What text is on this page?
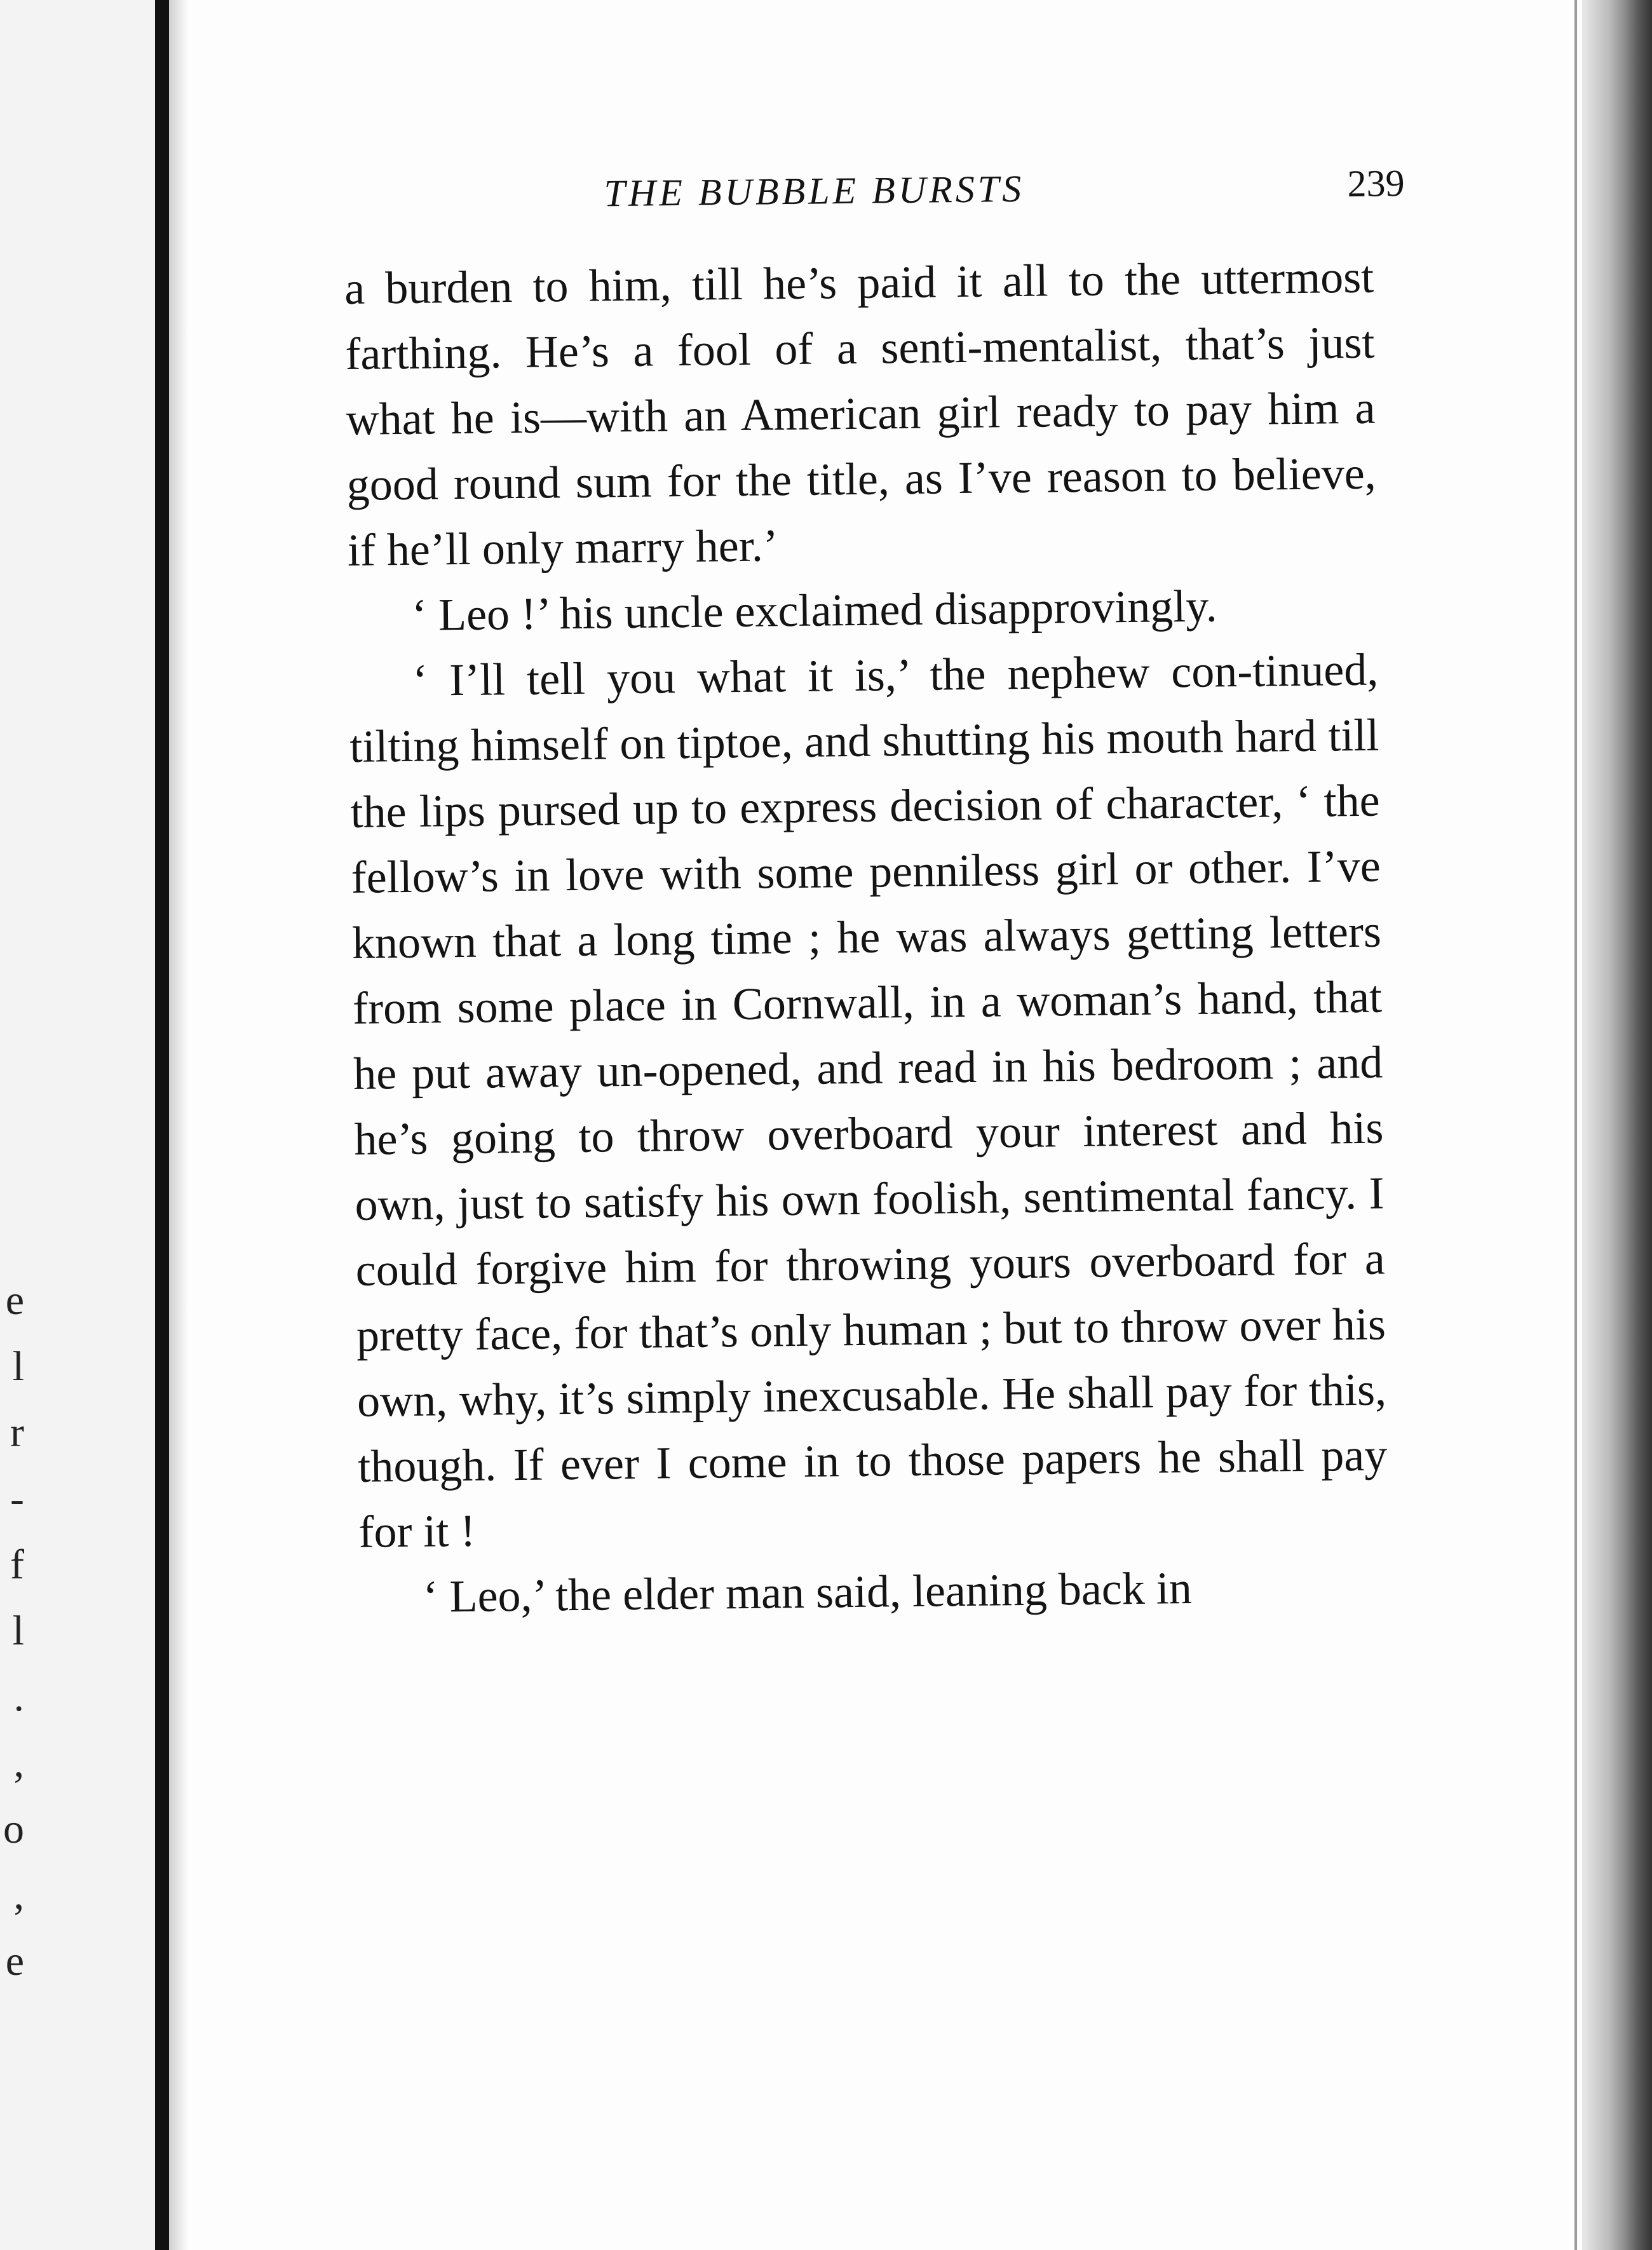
e
l
r
-
f
l
.
,
o
,
e
THE BUBBLE BURSTS	239

a burden to him, till he’s paid it all to the uttermost farthing. He’s a fool of a senti-mentalist, that’s just what he is—with an American girl ready to pay him a good round sum for the title, as I’ve reason to believe, if he’ll only marry her.’

‘ Leo !’ his uncle exclaimed disapprovingly.

‘ I’ll tell you what it is,’ the nephew con-tinued, tilting himself on tiptoe, and shutting his mouth hard till the lips pursed up to express decision of character, ‘ the fellow’s in love with some penniless girl or other. I’ve known that a long time ; he was always getting letters from some place in Cornwall, in a woman’s hand, that he put away un-opened, and read in his bedroom ; and he’s going to throw overboard your interest and his own, just to satisfy his own foolish, sentimental fancy. I could forgive him for throwing yours overboard for a pretty face, for that’s only human ; but to throw over his own, why, it’s simply inexcusable. He shall pay for this, though. If ever I come in to those papers he shall pay for it !

‘ Leo,’ the elder man said, leaning back in
